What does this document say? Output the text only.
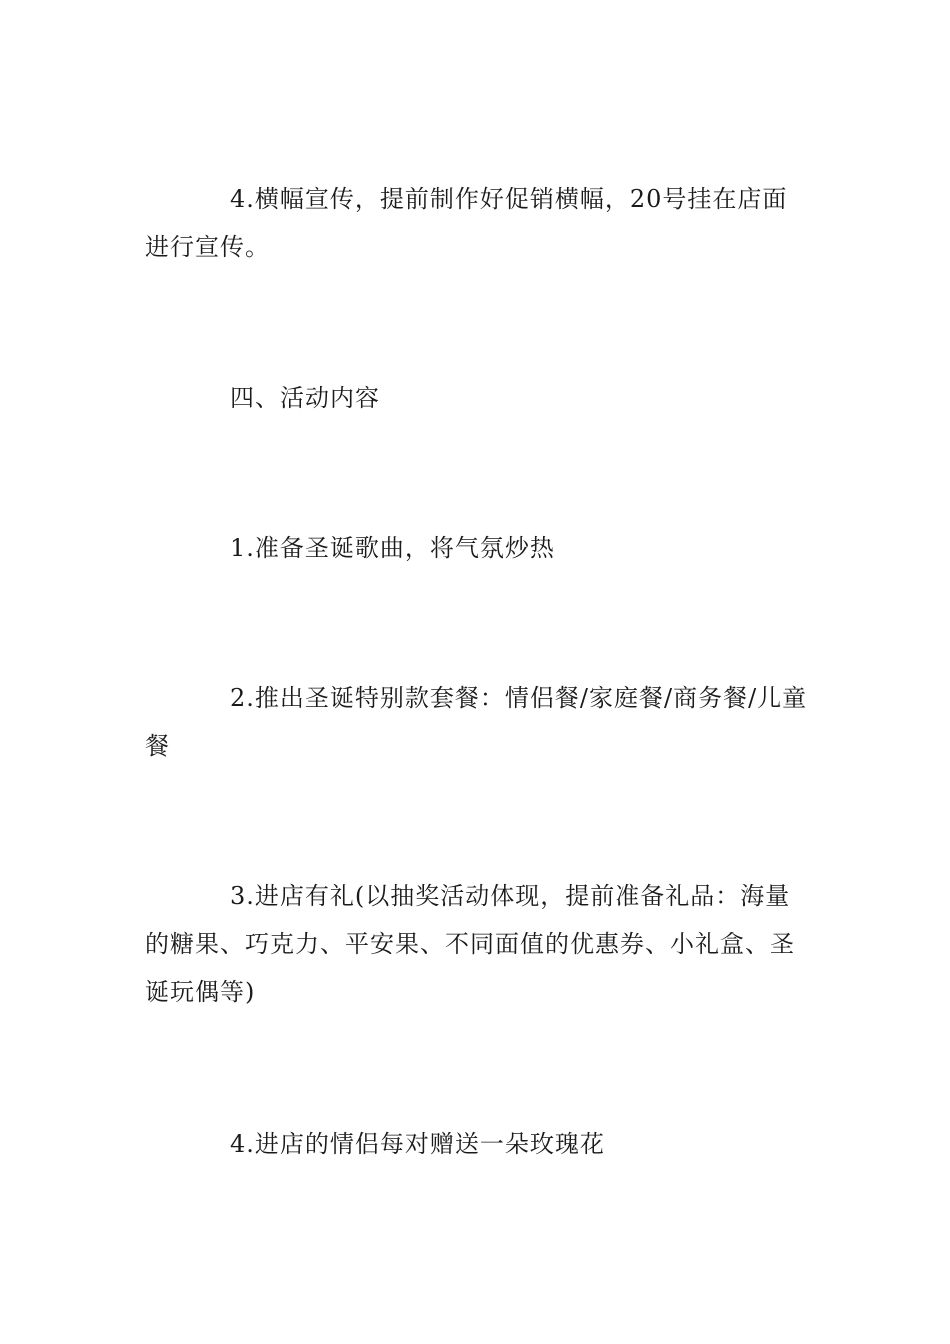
4.横幅宣传，提前制作好促销横幅，20号挂在店面进行宣传。

四、活动内容

1.准备圣诞歌曲，将气氛炒热

2.推出圣诞特别款套餐：情侣餐/家庭餐/商务餐/儿童餐

3.进店有礼(以抽奖活动体现，提前准备礼品：海量的糖果、巧克力、平安果、不同面值的优惠券、小礼盒、圣诞玩偶等)

4.进店的情侣每对赠送一朵玫瑰花
